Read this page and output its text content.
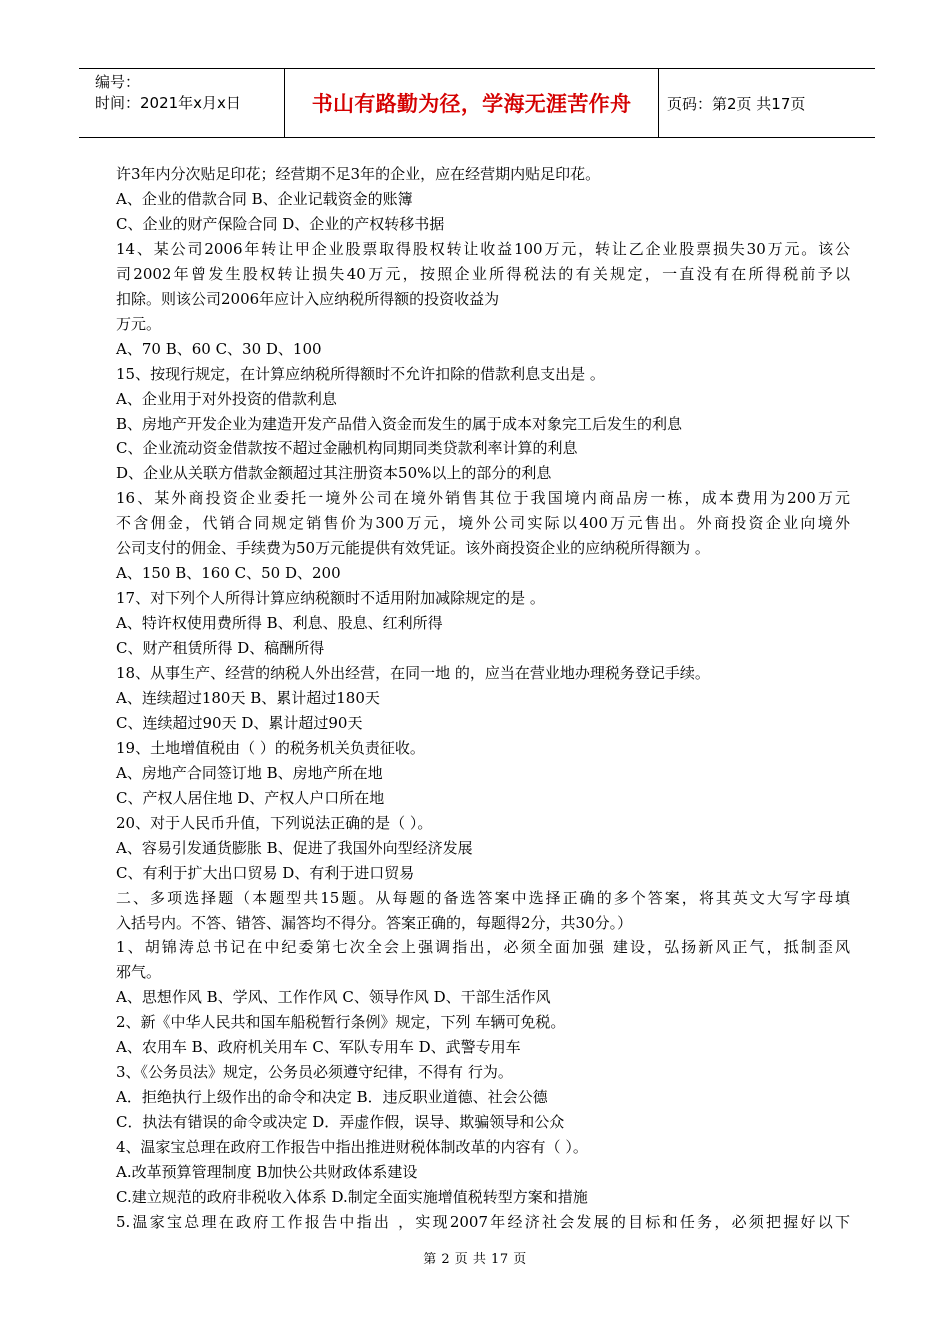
编号：
时间：2021年x月x日	书山有路勤为径，学海无涯苦作舟 页码：第2页 共17页
许3年内分次贴足印花；经营期不足3年的企业，应在经营期内贴足印花。
A、企业的借款合同 B、企业记载资金的账簿
C、企业的财产保险合同 D、企业的产权转移书据
14、某公司2006年转让甲企业股票取得股权转让收益100万元，转让乙企业股票损失30万元。该公
司2002年曾发生股权转让损失40万元，按照企业所得税法的有关规定，一直没有在所得税前予以
扣除。则该公司2006年应计入应纳税所得额的投资收益为
万元。
A、70 B、60 C、30 D、100
15、按现行规定，在计算应纳税所得额时不允许扣除的借款利息支出是 。
A、企业用于对外投资的借款利息
B、房地产开发企业为建造开发产品借入资金而发生的属于成本对象完工后发生的利息
C、企业流动资金借款按不超过金融机构同期同类贷款利率计算的利息
D、企业从关联方借款金额超过其注册资本50%以上的部分的利息
16、某外商投资企业委托一境外公司在境外销售其位于我国境内商品房一栋，成本费用为200万元
不含佣金，代销合同规定销售价为300万元，境外公司实际以400万元售出。外商投资企业向境外
公司支付的佣金、手续费为50万元能提供有效凭证。该外商投资企业的应纳税所得额为 。
A、150 B、160 C、50 D、200
17、对下列个人所得计算应纳税额时不适用附加减除规定的是 。
A、特许权使用费所得 B、利息、股息、红利所得
C、财产租赁所得 D、稿酬所得
18、从事生产、经营的纳税人外出经营，在同一地 的，应当在营业地办理税务登记手续。
A、连续超过180天 B、累计超过180天
C、连续超过90天 D、累计超过90天
19、土地增值税由（ ）的税务机关负责征收。
A、房地产合同签订地 B、房地产所在地
C、产权人居住地 D、产权人户口所在地
20、对于人民币升值，下列说法正确的是（ ）。
A、容易引发通货膨胀 B、促进了我国外向型经济发展
C、有利于扩大出口贸易 D、有利于进口贸易
二、多项选择题（本题型共15题。从每题的备选答案中选择正确的多个答案，将其英文大写字母填
入括号内。不答、错答、漏答均不得分。答案正确的，每题得2分，共30分。）
1、胡锦涛总书记在中纪委第七次全会上强调指出，必须全面加强 建设，弘扬新风正气，抵制歪风
邪气。
A、思想作风 B、学风、工作作风 C、领导作风 D、干部生活作风
2、新《中华人民共和国车船税暂行条例》规定，下列 车辆可免税。
A、农用车 B、政府机关用车 C、军队专用车 D、武警专用车
3、《公务员法》规定，公务员必须遵守纪律，不得有 行为。
A．拒绝执行上级作出的命令和决定 B．违反职业道德、社会公德
C．执法有错误的命令或决定 D．弄虚作假，误导、欺骗领导和公众
4、温家宝总理在政府工作报告中指出推进财税体制改革的内容有（ ）。
A.改革预算管理制度 B加快公共财政体系建设
C.建立规范的政府非税收入体系 D.制定全面实施增值税转型方案和措施
5.温家宝总理在政府工作报告中指出 ，实现2007年经济社会发展的目标和任务，必须把握好以下
第 2 页 共 17 页
